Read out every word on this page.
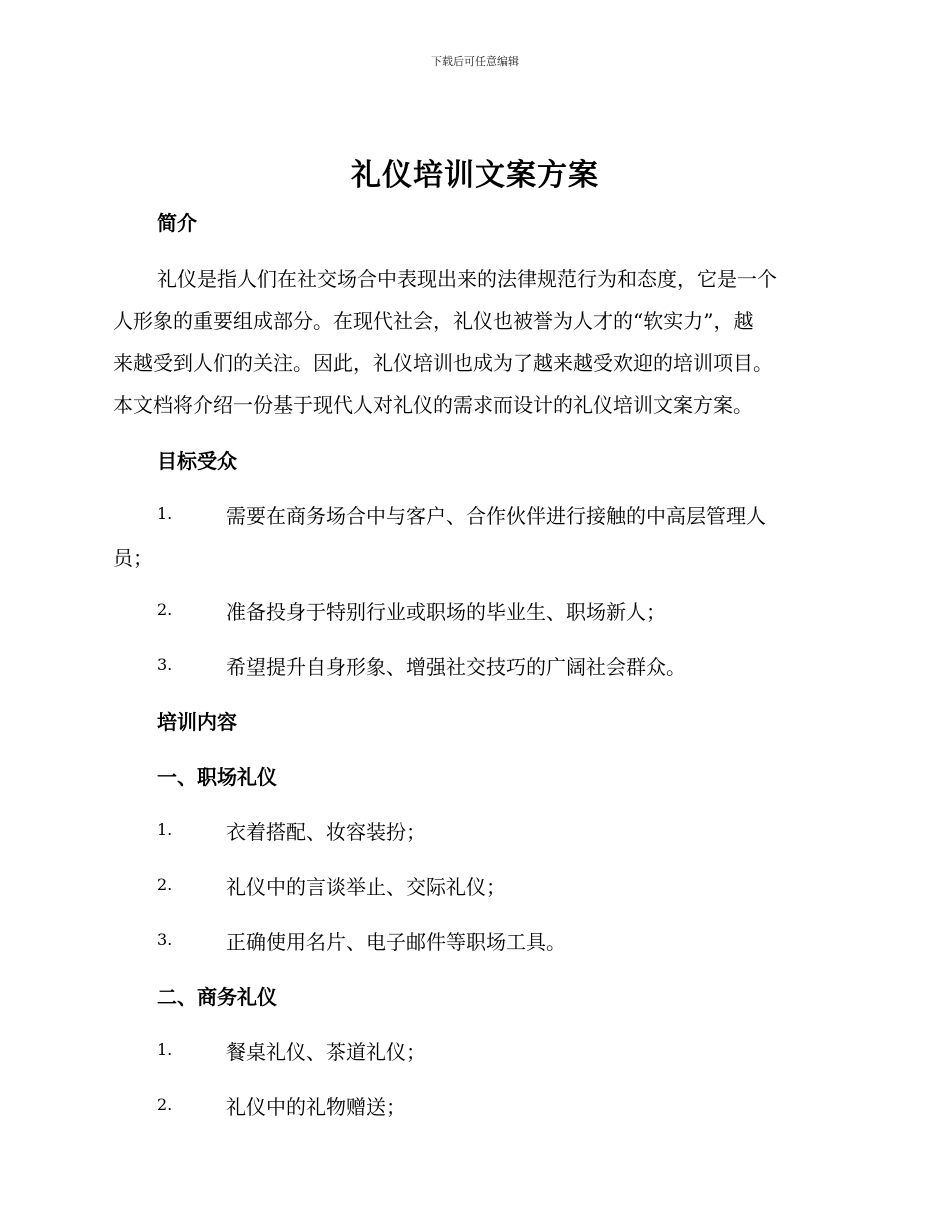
下载后可任意编辑
礼仪培训文案方案
简介
礼仪是指人们在社交场合中表现出来的法律规范行为和态度，它是一个
人形象的重要组成部分。在现代社会，礼仪也被誉为人才的“软实力”，越
来越受到人们的关注。因此，礼仪培训也成为了越来越受欢迎的培训项目。
本文档将介绍一份基于现代人对礼仪的需求而设计的礼仪培训文案方案。
目标受众
1.	需要在商务场合中与客户、合作伙伴进行接触的中高层管理人
员；
2.	准备投身于特别行业或职场的毕业生、职场新人；
3.	希望提升自身形象、增强社交技巧的广阔社会群众。
培训内容
一、职场礼仪
1.	衣着搭配、妆容装扮；
2.	礼仪中的言谈举止、交际礼仪；
3.	正确使用名片、电子邮件等职场工具。
二、商务礼仪
1.	餐桌礼仪、茶道礼仪；
2.	礼仪中的礼物赠送；
